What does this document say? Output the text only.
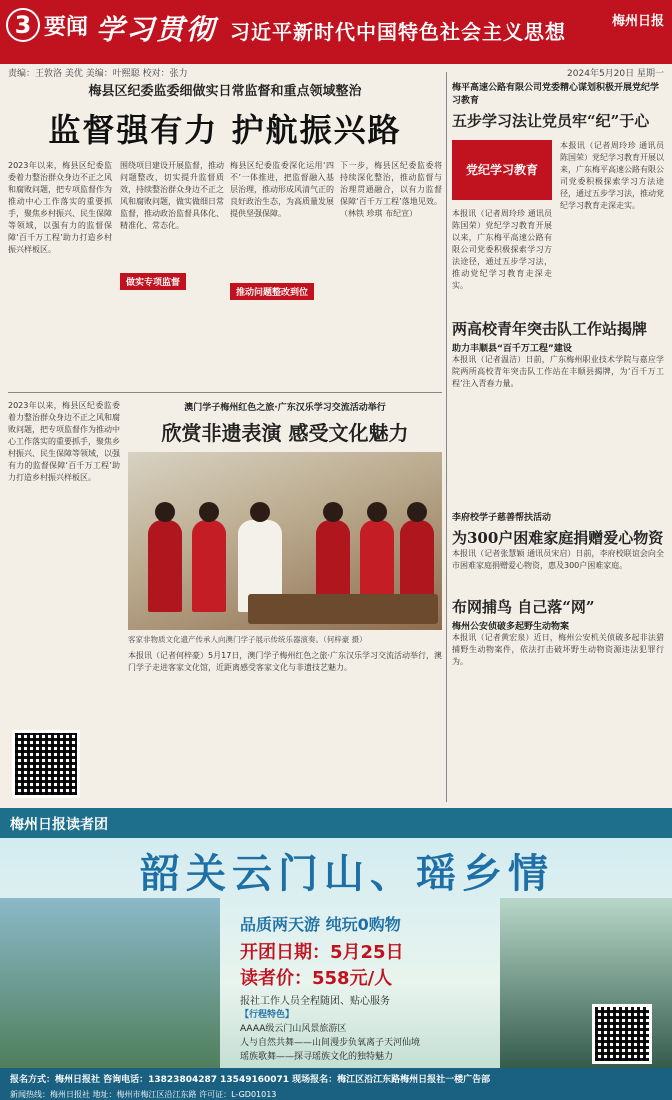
3 要闻 学习贯彻 习近平新时代中国特色社会主义思想	梅州日报
责编：王敦洛 美优 美编：叶熙聪 校对：张力	2024年5月20日 星期一
梅县区纪委监委细做实日常监督和重点领域整治
监督强有力 护航振兴路
2023年以来，梅县区纪委监委着力整治群众身边不正之风和腐败问题，把专项监督作为推动中心工作落实的重要抓手，聚焦乡村振兴、民生保障等领域，以强有力的监督保障‘百千万工程’助力打造乡村振兴样板区。
围绕项目建设开展监督，推动问题整改，切实提升监督质效，持续整治群众身边不正之风和腐败问题，做实做细日常监督，推动政治监督具体化、精准化、常态化。
做实专项监督
梅县区纪委监委深化运用‘四不’一体推进，把监督融入基层治理，推动形成风清气正的良好政治生态，为高质量发展提供坚强保障。
推动问题整改到位
下一步，梅县区纪委监委将持续深化整治，推动监督与治理贯通融合，以有力监督保障‘百千万工程’落地见效。（林铁 珍琪 布纪宣）
2023年以来，梅县区纪委监委着力整治群众身边不正之风和腐败问题，把专项监督作为推动中心工作落实的重要抓手，聚焦乡村振兴、民生保障等领域，以强有力的监督保障‘百千万工程’助力打造乡村振兴样板区。
澳门学子梅州红色之旅·广东汉乐学习交流活动举行
欣赏非遗表演 感受文化魅力
客家非物质文化遗产传承人向澳门学子展示传统乐器演奏。（何梓豪 摄）
本报讯（记者何梓豪）5月17日，澳门学子梅州红色之旅·广东汉乐学习交流活动举行，澳门学子走进客家文化馆，近距离感受客家文化与非遗技艺魅力。
梅平高速公路有限公司党委精心谋划积极开展党纪学习教育
五步学习法让党员牢“纪”于心
党纪学习教育
本报讯（记者周玲珍 通讯员陈国荣）党纪学习教育开展以来，广东梅平高速公路有限公司党委积极探索学习方法途径，通过五步学习法，推动党纪学习教育走深走实。
本报讯（记者周玲珍 通讯员陈国荣）党纪学习教育开展以来，广东梅平高速公路有限公司党委积极探索学习方法途径，通过五步学习法，推动党纪学习教育走深走实。
两高校青年突击队工作站揭牌
助力丰顺县“百千万工程”建设
本报讯（记者温洁）日前，广东梅州职业技术学院与嘉应学院两所高校青年突击队工作站在丰顺县揭牌，为‘百千万工程’注入青春力量。
李府校学子慈善帮扶活动
为300户困难家庭捐赠爱心物资
本报讯（记者张慧颖 通讯员宋启）日前，李府校联谊会向全市困难家庭捐赠爱心物资，惠及300户困难家庭。
布网捕鸟 自己落“网”
梅州公安侦破多起野生动物案
本报讯（记者黄宏泉）近日，梅州公安机关侦破多起非法猎捕野生动物案件，依法打击破坏野生动物资源违法犯罪行为。
梅州日报读者团
韶关云门山、瑶乡情
品质两天游 纯玩0购物
开团日期：5月25日
读者价：558元/人
报社工作人员全程随团、贴心服务
【行程特色】
AAAA级云门山风景旅游区
人与自然共舞——山间漫步负氧离子天河仙境
瑶族歌舞——探寻瑶族文化的独特魅力
报名方式：梅州日报社 咨询电话：13823804287 13549160071 现场报名：梅江区沿江东路梅州日报社一楼广告部
新闻热线：梅州日报社 地址：梅州市梅江区沿江东路 许可证：L-GD01013
